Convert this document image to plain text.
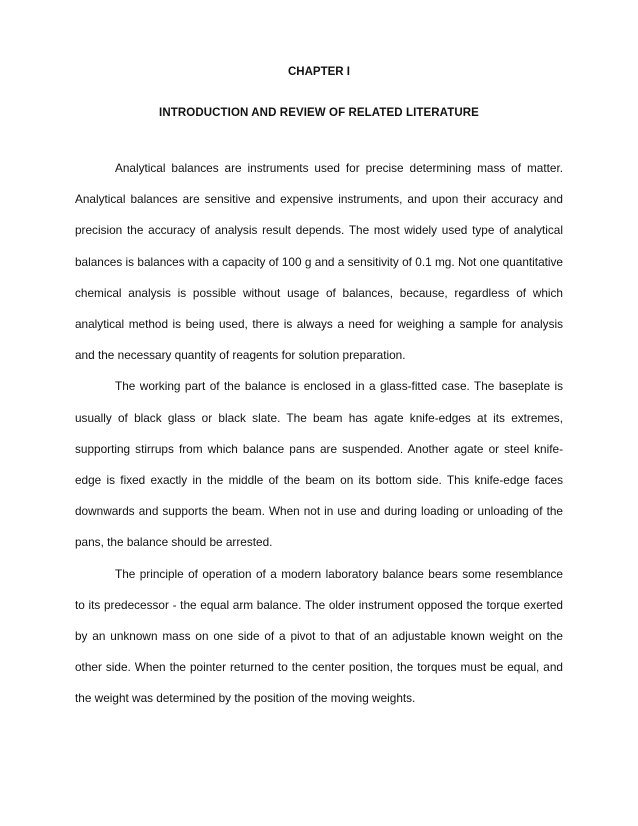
CHAPTER I
INTRODUCTION AND REVIEW OF RELATED LITERATURE

Analytical balances are instruments used for precise determining mass of matter. Analytical balances are sensitive and expensive instruments, and upon their accuracy and precision the accuracy of analysis result depends. The most widely used type of analytical balances is balances with a capacity of 100 g and a sensitivity of 0.1 mg. Not one quantitative chemical analysis is possible without usage of balances, because, regardless of which analytical method is being used, there is always a need for weighing a sample for analysis and the necessary quantity of reagents for solution preparation.

The working part of the balance is enclosed in a glass-fitted case. The baseplate is usually of black glass or black slate. The beam has agate knife-edges at its extremes, supporting stirrups from which balance pans are suspended. Another agate or steel knife-edge is fixed exactly in the middle of the beam on its bottom side. This knife-edge faces downwards and supports the beam. When not in use and during loading or unloading of the pans, the balance should be arrested.

The principle of operation of a modern laboratory balance bears some resemblance to its predecessor - the equal arm balance. The older instrument opposed the torque exerted by an unknown mass on one side of a pivot to that of an adjustable known weight on the other side. When the pointer returned to the center position, the torques must be equal, and the weight was determined by the position of the moving weights.
